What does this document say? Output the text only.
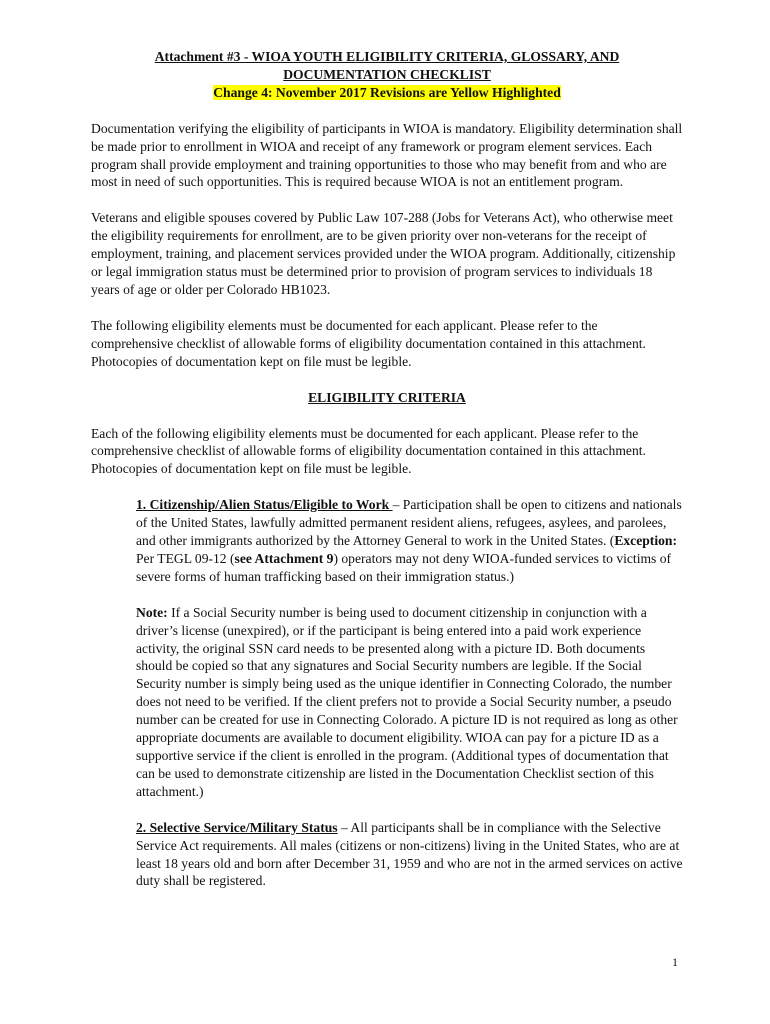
Attachment #3 - WIOA YOUTH ELIGIBILITY CRITERIA, GLOSSARY, AND
DOCUMENTATION CHECKLIST
Change 4: November 2017 Revisions are Yellow Highlighted

Documentation verifying the eligibility of participants in WIOA is mandatory. Eligibility determination shall be made prior to enrollment in WIOA and receipt of any framework or program element services. Each program shall provide employment and training opportunities to those who may benefit from and who are most in need of such opportunities. This is required because WIOA is not an entitlement program.

Veterans and eligible spouses covered by Public Law 107-288 (Jobs for Veterans Act), who otherwise meet the eligibility requirements for enrollment, are to be given priority over non-veterans for the receipt of employment, training, and placement services provided under the WIOA program. Additionally, citizenship or legal immigration status must be determined prior to provision of program services to individuals 18 years of age or older per Colorado HB1023.

The following eligibility elements must be documented for each applicant. Please refer to the comprehensive checklist of allowable forms of eligibility documentation contained in this attachment. Photocopies of documentation kept on file must be legible.

ELIGIBILITY CRITERIA

Each of the following eligibility elements must be documented for each applicant. Please refer to the comprehensive checklist of allowable forms of eligibility documentation contained in this attachment. Photocopies of documentation kept on file must be legible.

1. Citizenship/Alien Status/Eligible to Work – Participation shall be open to citizens and nationals of the United States, lawfully admitted permanent resident aliens, refugees, asylees, and parolees, and other immigrants authorized by the Attorney General to work in the United States. (Exception: Per TEGL 09-12 (see Attachment 9) operators may not deny WIOA-funded services to victims of severe forms of human trafficking based on their immigration status.)

Note: If a Social Security number is being used to document citizenship in conjunction with a driver’s license (unexpired), or if the participant is being entered into a paid work experience activity, the original SSN card needs to be presented along with a picture ID. Both documents should be copied so that any signatures and Social Security numbers are legible. If the Social Security number is simply being used as the unique identifier in Connecting Colorado, the number does not need to be verified. If the client prefers not to provide a Social Security number, a pseudo number can be created for use in Connecting Colorado. A picture ID is not required as long as other appropriate documents are available to document eligibility. WIOA can pay for a picture ID as a supportive service if the client is enrolled in the program. (Additional types of documentation that can be used to demonstrate citizenship are listed in the Documentation Checklist section of this attachment.)

2. Selective Service/Military Status – All participants shall be in compliance with the Selective Service Act requirements. All males (citizens or non-citizens) living in the United States, who are at least 18 years old and born after December 31, 1959 and who are not in the armed services on active duty shall be registered.

1
